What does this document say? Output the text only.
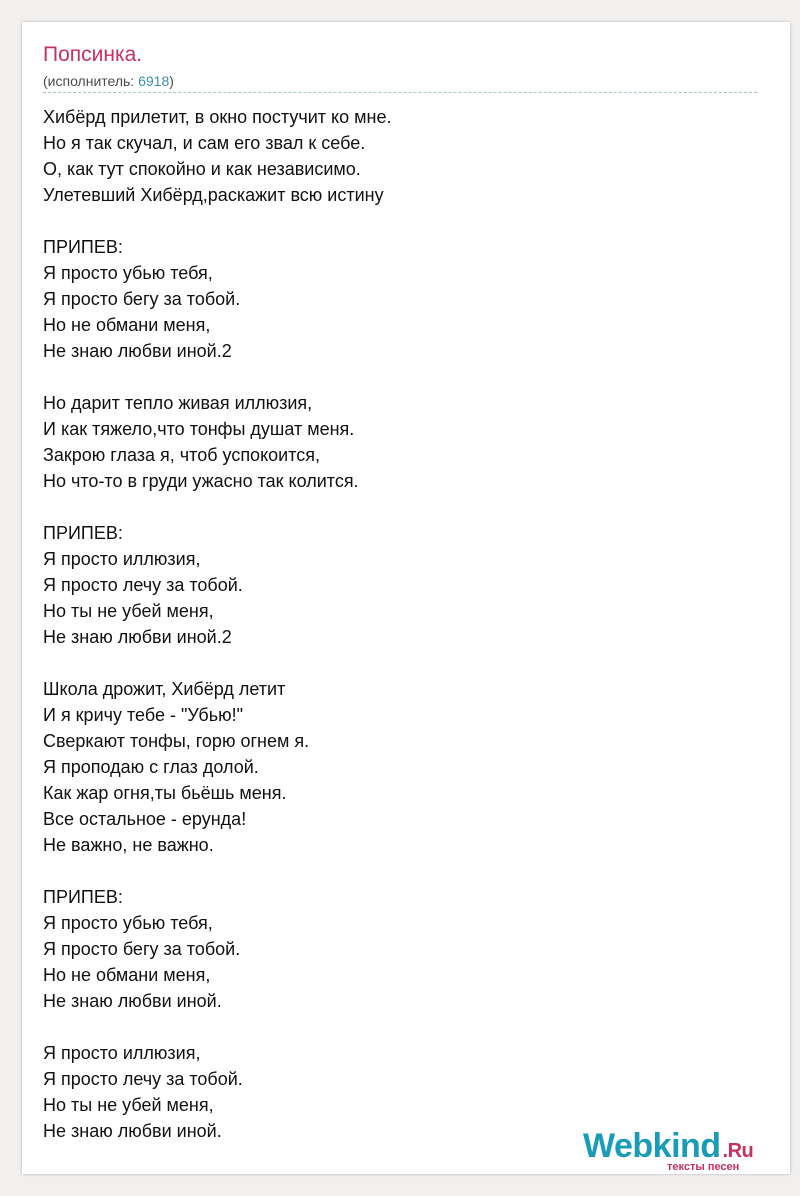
Попсинка.
(исполнитель: 6918)
Хибёрд прилетит, в окно постучит ко мне.
Но я так скучал, и сам его звал к себе.
О, как тут спокойно и как независимо.
Улетевший Хибёрд,раскажит всю истину

ПРИПЕВ:
Я просто убью тебя,
Я просто бегу за тобой.
Но не обмани меня,
Не знаю любви иной.2

Но дарит тепло живая иллюзия,
И как тяжело,что тонфы душат меня.
Закрою глаза я, чтоб успокоится,
Но что-то в груди ужасно так колится.

ПРИПЕВ:
Я просто иллюзия,
Я просто лечу за тобой.
Но ты не убей меня,
Не знаю любви иной.2

Школа дрожит, Хибёрд летит
И я кричу тебе - "Убью!"
Сверкают тонфы, горю огнем я.
Я проподаю с глаз долой.
Как жар огня,ты бьёшь меня.
Все остальное - ерунда!
Не важно, не важно.

ПРИПЕВ:
Я просто убью тебя,
Я просто бегу за тобой.
Но не обмани меня,
Не знаю любви иной.

Я просто иллюзия,
Я просто лечу за тобой.
Но ты не убей меня,
Не знаю любви иной.	Webkind .Ru
тексты песен
